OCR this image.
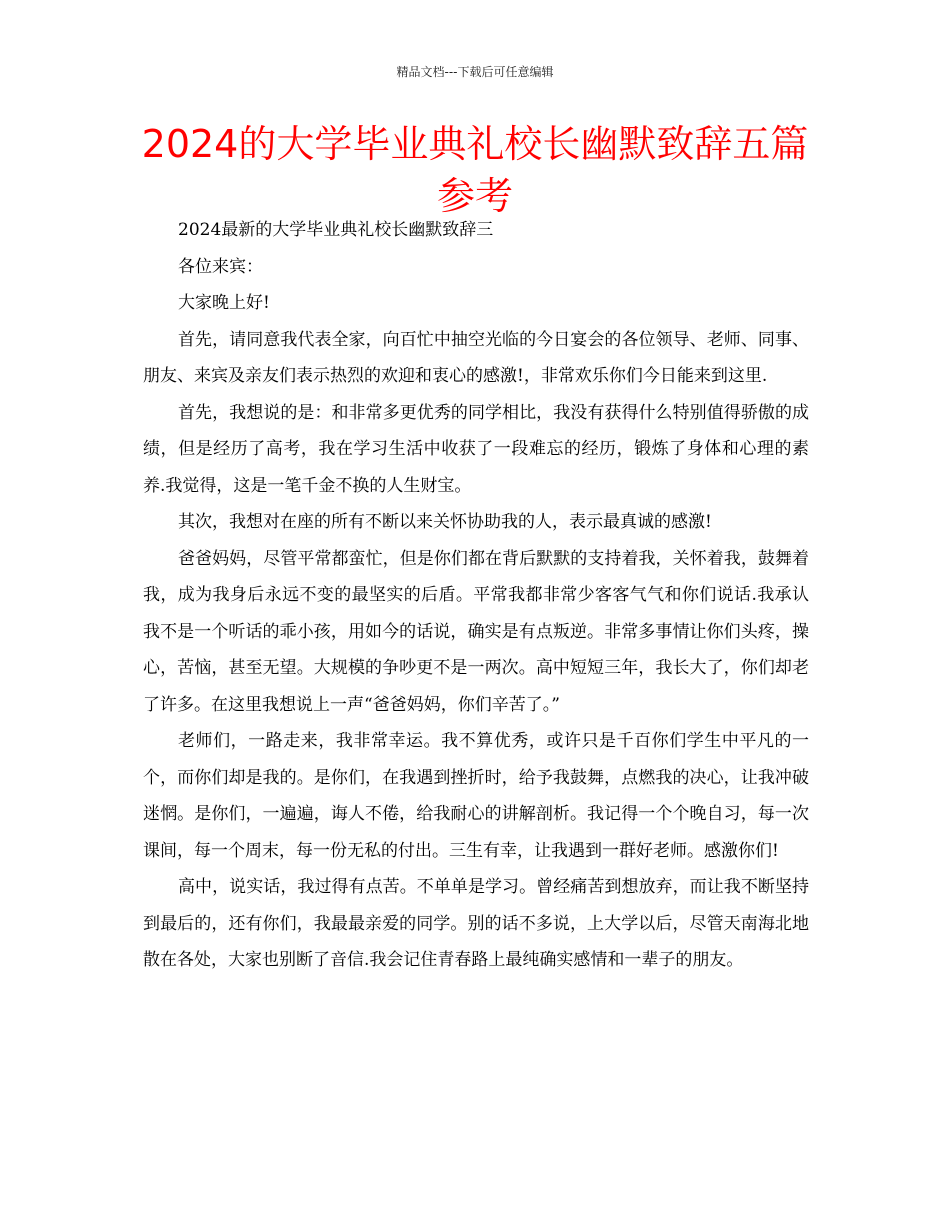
精品文档---下载后可任意编辑
2024的大学毕业典礼校长幽默致辞五篇参考

2024最新的大学毕业典礼校长幽默致辞三

各位来宾：

大家晚上好!

首先，请同意我代表全家，向百忙中抽空光临的今日宴会的各位领导、老师、同事、朋友、来宾及亲友们表示热烈的欢迎和衷心的感激!，非常欢乐你们今日能来到这里.

首先，我想说的是：和非常多更优秀的同学相比，我没有获得什么特别值得骄傲的成绩，但是经历了高考，我在学习生活中收获了一段难忘的经历，锻炼了身体和心理的素养.我觉得，这是一笔千金不换的人生财宝。

其次，我想对在座的所有不断以来关怀协助我的人，表示最真诚的感激!

爸爸妈妈，尽管平常都蛮忙，但是你们都在背后默默的支持着我，关怀着我，鼓舞着我，成为我身后永远不变的最坚实的后盾。平常我都非常少客客气气和你们说话.我承认我不是一个听话的乖小孩，用如今的话说，确实是有点叛逆。非常多事情让你们头疼，操心，苦恼，甚至无望。大规模的争吵更不是一两次。高中短短三年，我长大了，你们却老了许多。在这里我想说上一声“爸爸妈妈，你们辛苦了。”

老师们，一路走来，我非常幸运。我不算优秀，或许只是千百你们学生中平凡的一个，而你们却是我的。是你们，在我遇到挫折时，给予我鼓舞，点燃我的决心，让我冲破迷惘。是你们，一遍遍，诲人不倦，给我耐心的讲解剖析。我记得一个个晚自习，每一次课间，每一个周末，每一份无私的付出。三生有幸，让我遇到一群好老师。感激你们!

高中，说实话，我过得有点苦。不单单是学习。曾经痛苦到想放弃，而让我不断坚持到最后的，还有你们，我最最亲爱的同学。别的话不多说，上大学以后，尽管天南海北地散在各处，大家也别断了音信.我会记住青春路上最纯确实感情和一辈子的朋友。
